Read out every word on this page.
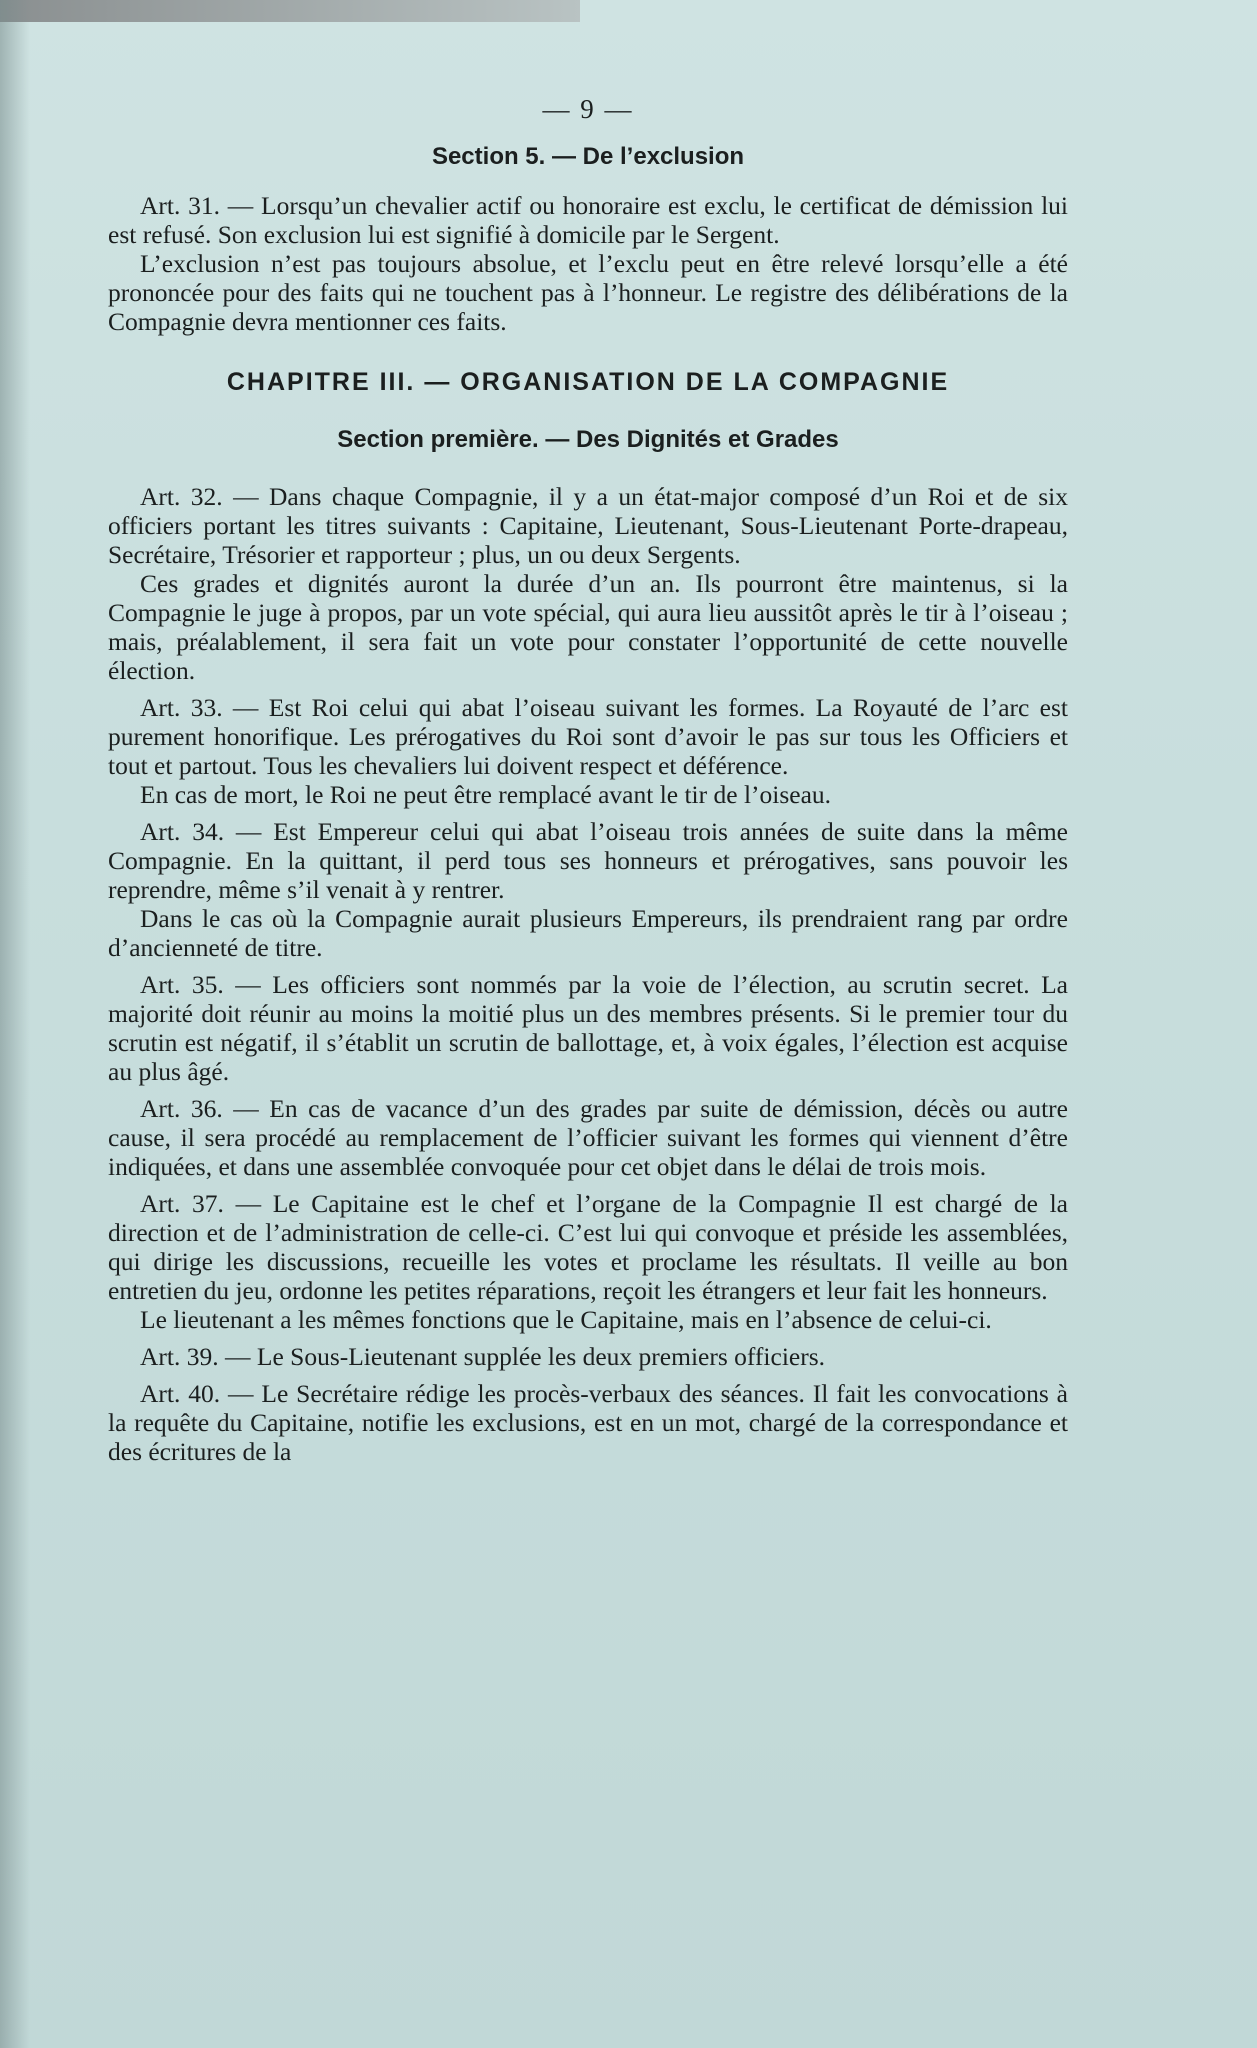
— 9 —
Section 5. — De l’exclusion

Art. 31. — Lorsqu’un chevalier actif ou honoraire est exclu, le certificat de démission lui est refusé. Son exclusion lui est signifié à domicile par le Sergent.

L’exclusion n’est pas toujours absolue, et l’exclu peut en être relevé lorsqu’elle a été prononcée pour des faits qui ne touchent pas à l’honneur. Le registre des délibérations de la Compagnie devra mentionner ces faits.

CHAPITRE III. — ORGANISATION DE LA COMPAGNIE
Section première. — Des Dignités et Grades

Art. 32. — Dans chaque Compagnie, il y a un état-major composé d’un Roi et de six officiers portant les titres suivants : Capitaine, Lieutenant, Sous-Lieutenant Porte-drapeau, Secrétaire, Trésorier et rapporteur ; plus, un ou deux Sergents.

Ces grades et dignités auront la durée d’un an. Ils pourront être maintenus, si la Compagnie le juge à propos, par un vote spécial, qui aura lieu aussitôt après le tir à l’oiseau ; mais, préalablement, il sera fait un vote pour constater l’opportunité de cette nouvelle élection.

Art. 33. — Est Roi celui qui abat l’oiseau suivant les formes. La Royauté de l’arc est purement honorifique. Les prérogatives du Roi sont d’avoir le pas sur tous les Officiers et tout et partout. Tous les chevaliers lui doivent respect et déférence.

En cas de mort, le Roi ne peut être remplacé avant le tir de l’oiseau.

Art. 34. — Est Empereur celui qui abat l’oiseau trois années de suite dans la même Compagnie. En la quittant, il perd tous ses honneurs et prérogatives, sans pouvoir les reprendre, même s’il venait à y rentrer.

Dans le cas où la Compagnie aurait plusieurs Empereurs, ils prendraient rang par ordre d’ancienneté de titre.

Art. 35. — Les officiers sont nommés par la voie de l’élection, au scrutin secret. La majorité doit réunir au moins la moitié plus un des membres présents. Si le premier tour du scrutin est négatif, il s’établit un scrutin de ballottage, et, à voix égales, l’élection est acquise au plus âgé.

Art. 36. — En cas de vacance d’un des grades par suite de démission, décès ou autre cause, il sera procédé au remplacement de l’officier suivant les formes qui viennent d’être indiquées, et dans une assemblée convoquée pour cet objet dans le délai de trois mois.

Art. 37. — Le Capitaine est le chef et l’organe de la Compagnie Il est chargé de la direction et de l’administration de celle-ci. C’est lui qui convoque et préside les assemblées, qui dirige les discussions, recueille les votes et proclame les résultats. Il veille au bon entretien du jeu, ordonne les petites réparations, reçoit les étrangers et leur fait les honneurs.

Le lieutenant a les mêmes fonctions que le Capitaine, mais en l’absence de celui-ci.

Art. 39. — Le Sous-Lieutenant supplée les deux premiers officiers.

Art. 40. — Le Secrétaire rédige les procès-verbaux des séances. Il fait les convocations à la requête du Capitaine, notifie les exclusions, est en un mot, chargé de la correspondance et des écritures de la
